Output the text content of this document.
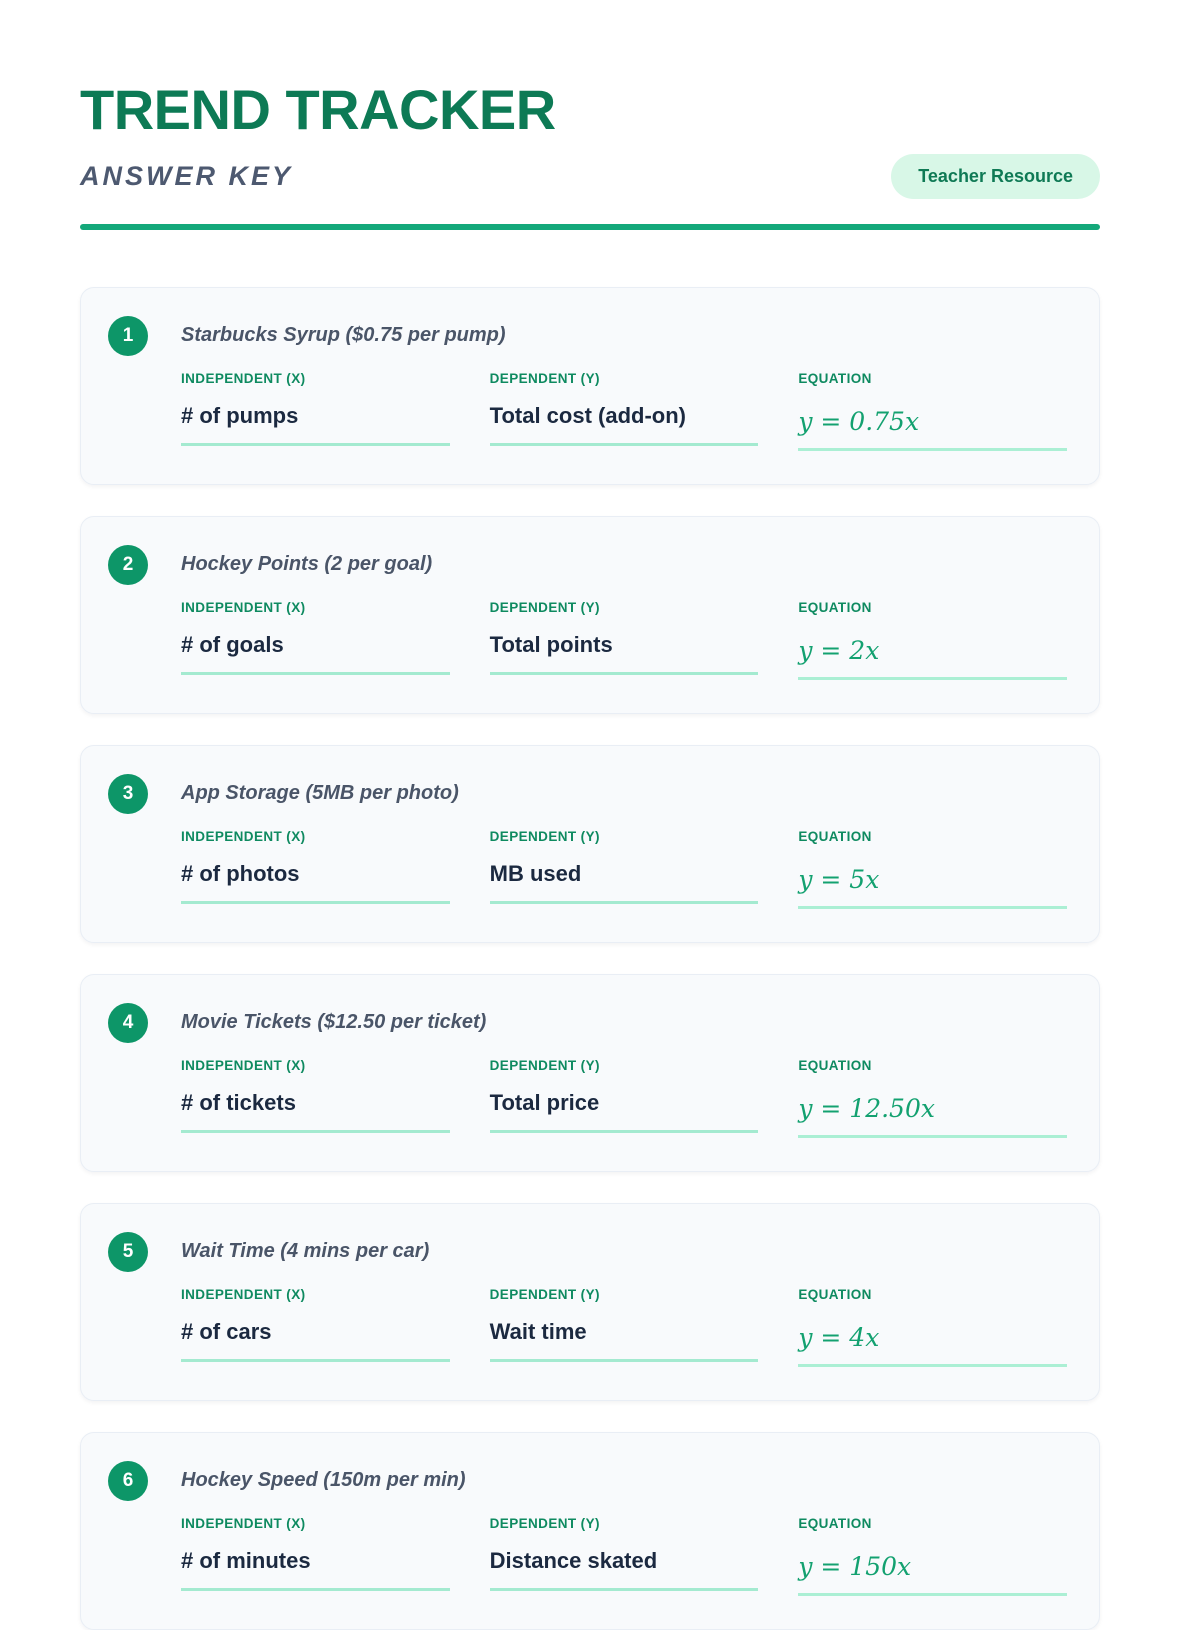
TREND TRACKER
ANSWER KEY	Teacher Resource
1	Starbucks Syrup ($0.75 per pump)
INDEPENDENT (X)
# of pumps
DEPENDENT (Y)
Total cost (add-on)
EQUATION
y = 0.75x
2	Hockey Points (2 per goal)
INDEPENDENT (X)
# of goals
DEPENDENT (Y)
Total points
EQUATION
y = 2x
3	App Storage (5MB per photo)
INDEPENDENT (X)
# of photos
DEPENDENT (Y)
MB used
EQUATION
y = 5x
4	Movie Tickets ($12.50 per ticket)
INDEPENDENT (X)
# of tickets
DEPENDENT (Y)
Total price
EQUATION
y = 12.50x
5	Wait Time (4 mins per car)
INDEPENDENT (X)
# of cars
DEPENDENT (Y)
Wait time
EQUATION
y = 4x
6	Hockey Speed (150m per min)
INDEPENDENT (X)
# of minutes
DEPENDENT (Y)
Distance skated
EQUATION
y = 150x
